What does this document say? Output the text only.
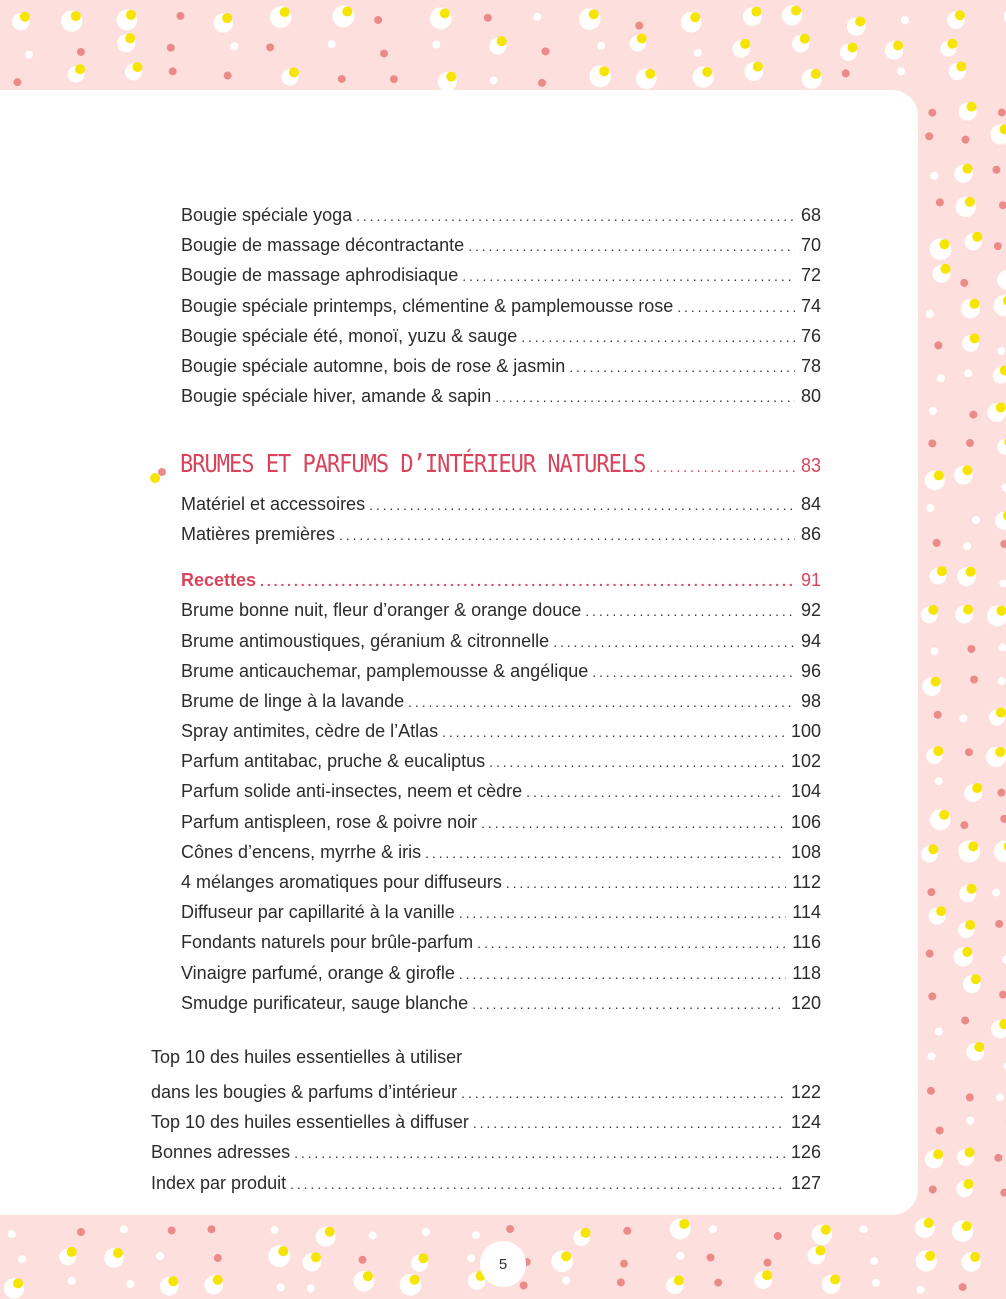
Bougie spéciale yoga . . .	68
Bougie de massage décontractante . . .	70
Bougie de massage aphrodisiaque . . .	72
Bougie spéciale printemps, clémentine & pamplemousse rose . . .	74
Bougie spéciale été, monoï, yuzu & sauge . . .	76
Bougie spéciale automne, bois de rose & jasmin . . .	78
Bougie spéciale hiver, amande & sapin . . .	80
BRUMES ET PARFUMS D’INTÉRIEUR NATURELS . . .	83
Matériel et accessoires . . .	84
Matières premières . . .	86
Recettes . . .	91
Brume bonne nuit, fleur d’oranger & orange douce . . .	92
Brume antimoustiques, géranium & citronnelle . . .	94
Brume anticauchemar, pamplemousse & angélique . . .	96
Brume de linge à la lavande . . .	98
Spray antimites, cèdre de l’Atlas . . .	100
Parfum antitabac, pruche & eucaliptus . . .	102
Parfum solide anti-insectes, neem et cèdre . . .	104
Parfum antispleen, rose & poivre noir . . .	106
Cônes d’encens, myrrhe & iris . . .	108
4 mélanges aromatiques pour diffuseurs . . .	112
Diffuseur par capillarité à la vanille . . .	114
Fondants naturels pour brûle-parfum . . .	116
Vinaigre parfumé, orange & girofle . . .	118
Smudge purificateur, sauge blanche . . .	120
Top 10 des huiles essentielles à utiliser
dans les bougies & parfums d’intérieur . . .	122
Top 10 des huiles essentielles à diffuser . . .	124
Bonnes adresses . . .	126
Index par produit . . .	127
5
